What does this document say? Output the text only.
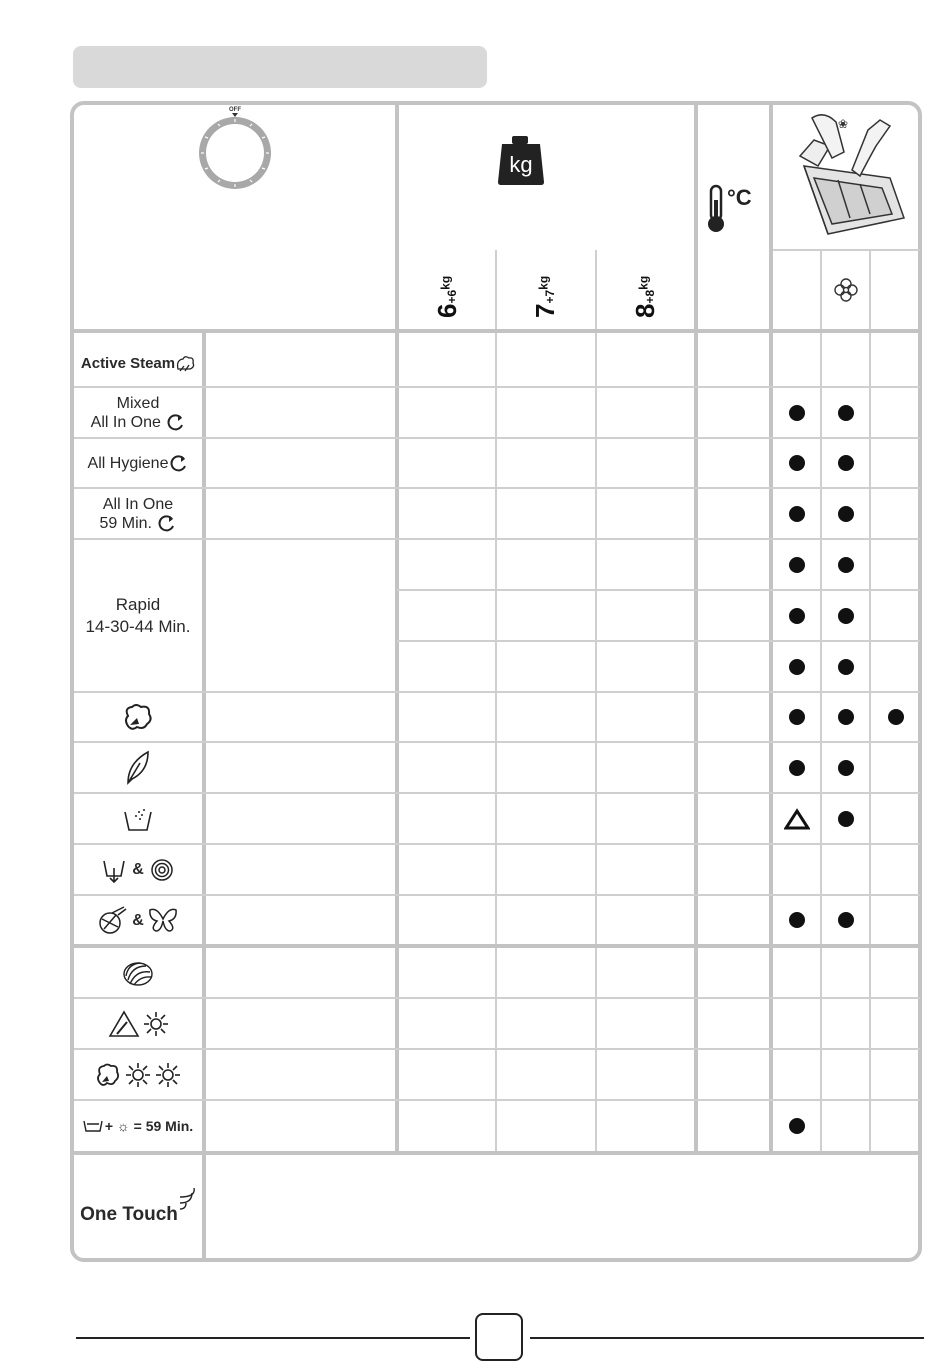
OFF
kg
°C
❀
$6+6^{kg}$
$7+7^{kg}$
$8+8^{kg}$
Active Steam
Mixed
All In One
All Hygiene
All In One
59 Min.
Rapid
14-30-44 Min.
&
&
+ ☼ = 59 Min.
One Touch
